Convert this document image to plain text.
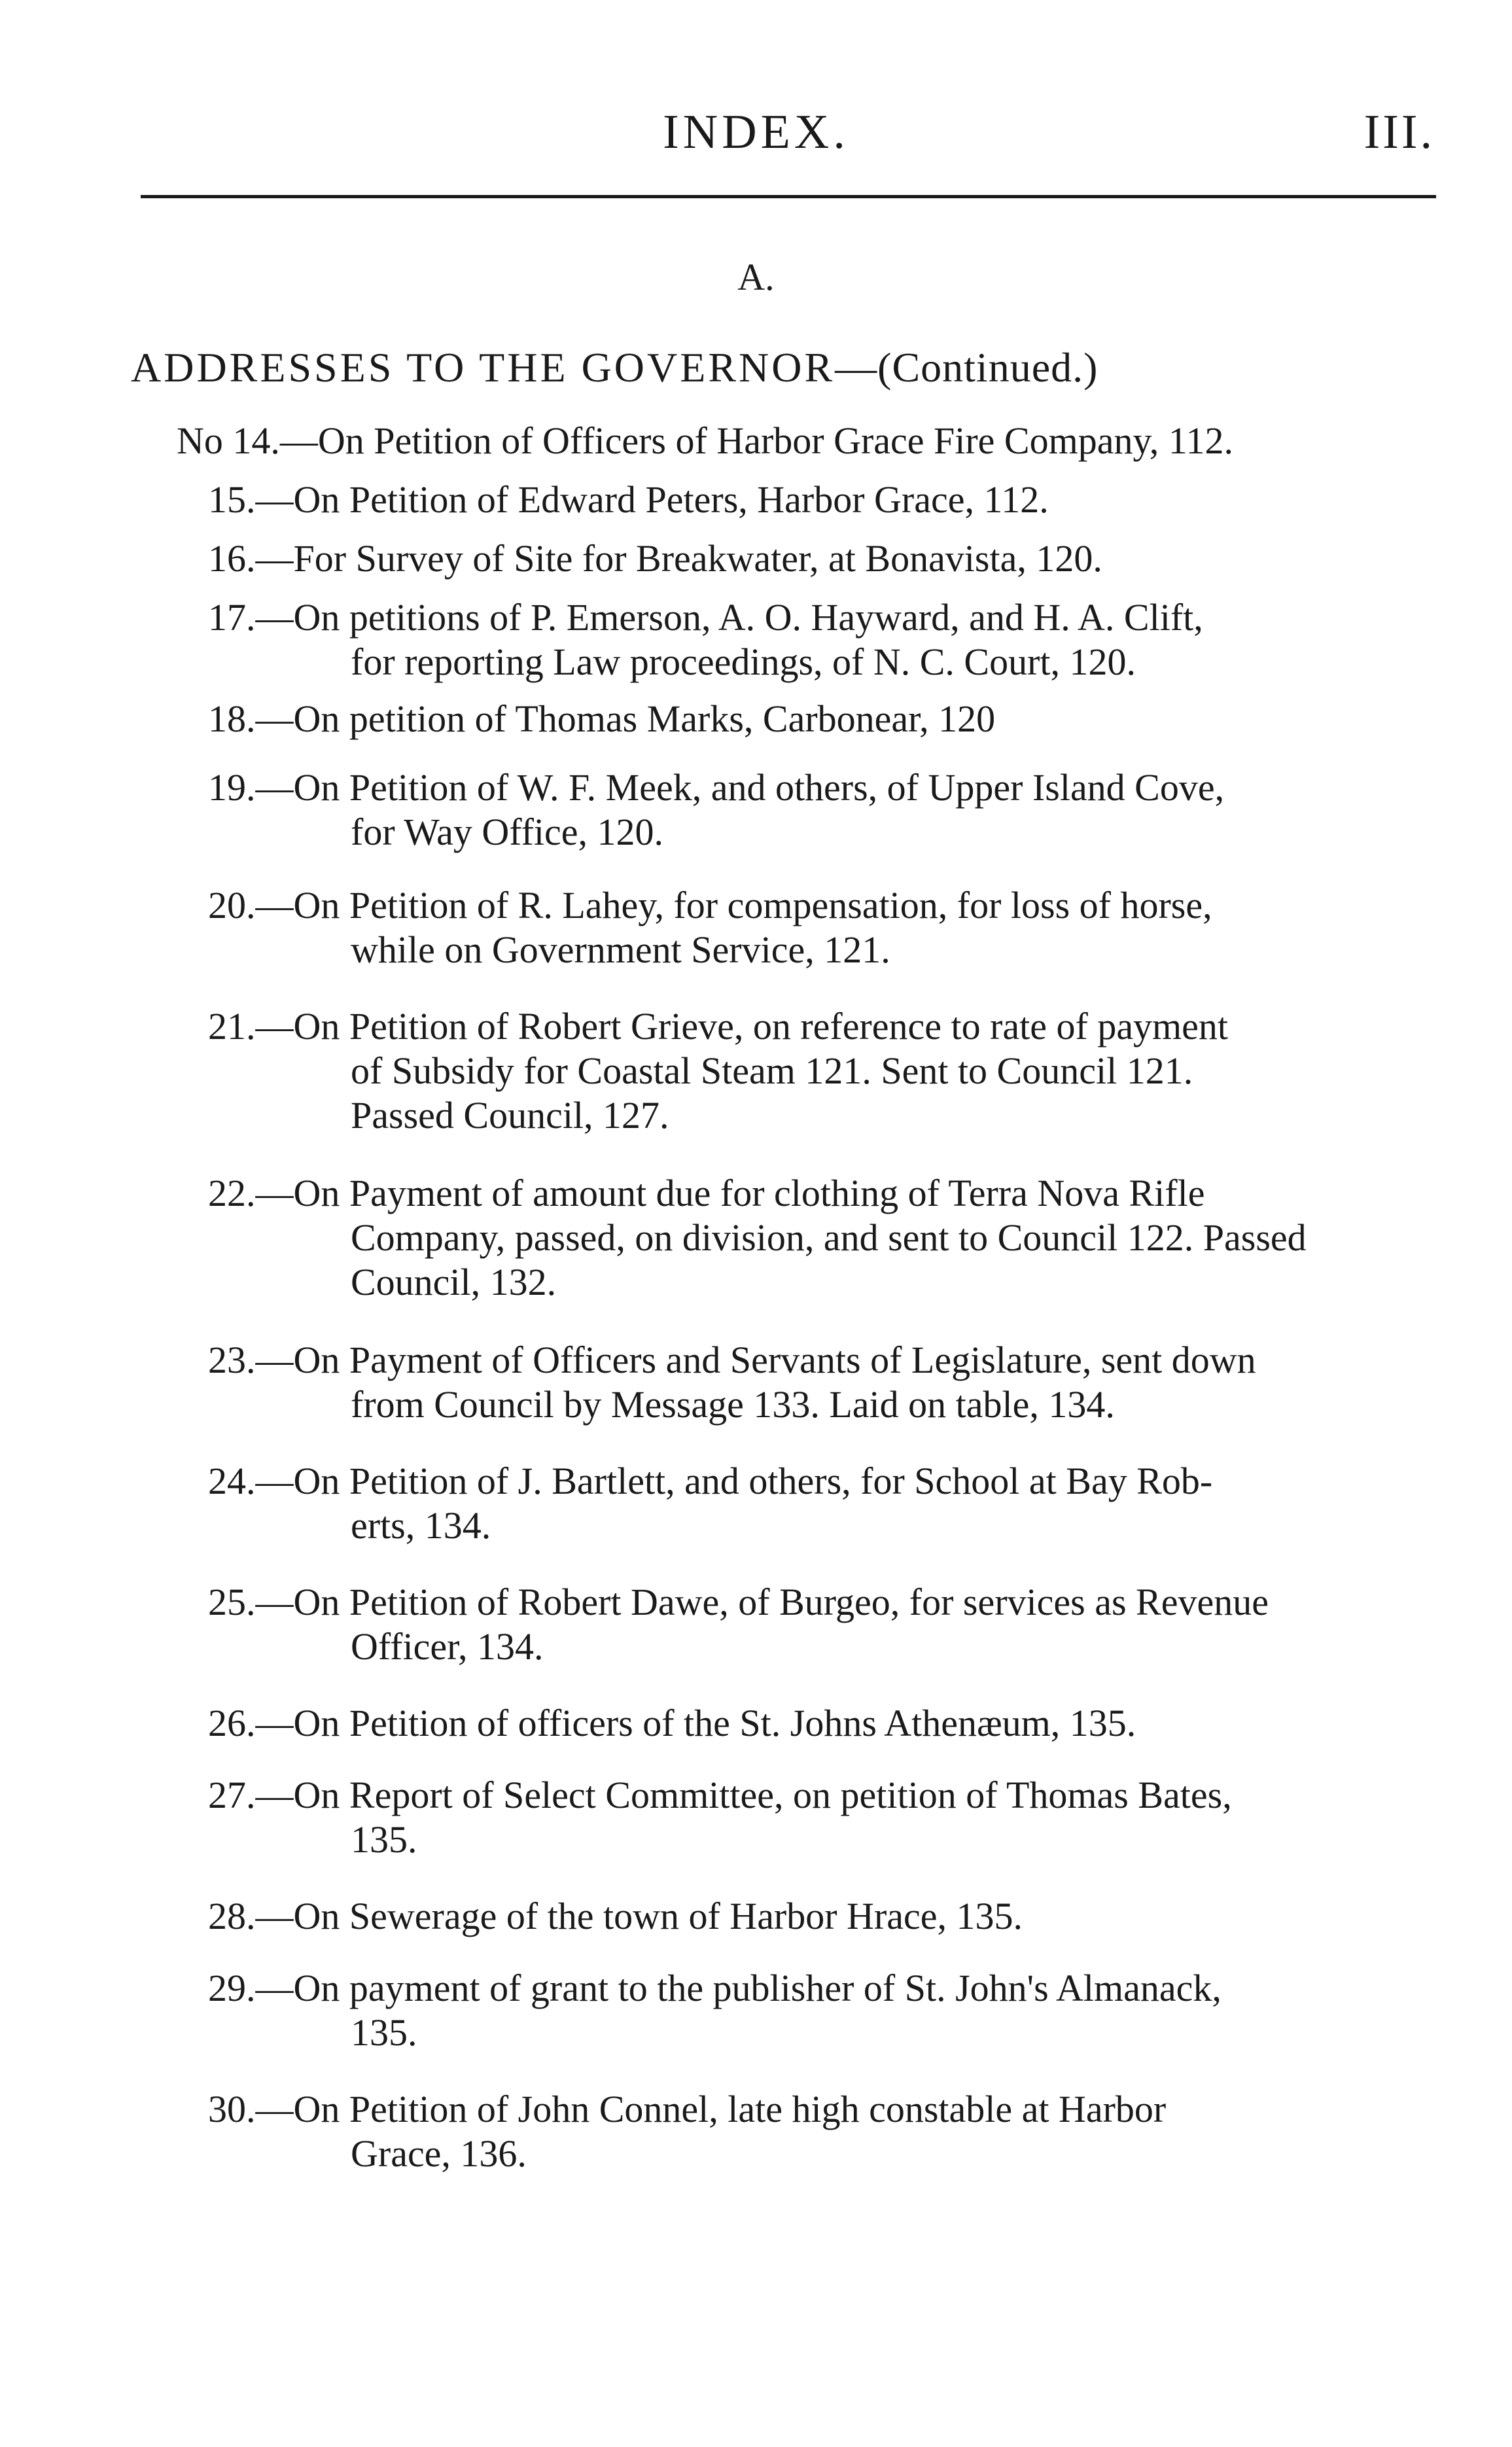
INDEX.	III.
A.
ADDRESSES TO THE GOVERNOR—(Continued.)
No 14.—On Petition of Officers of Harbor Grace Fire Company, 112.
15.—On Petition of Edward Peters, Harbor Grace, 112.
16.—For Survey of Site for Breakwater, at Bonavista, 120.
17.—On petitions of P. Emerson, A. O. Hayward, and H. A. Clift,
for reporting Law proceedings, of N. C. Court, 120.
18.—On petition of Thomas Marks, Carbonear, 120
19.—On Petition of W. F. Meek, and others, of Upper Island Cove,
for Way Office, 120.
20.—On Petition of R. Lahey, for compensation, for loss of horse,
while on Government Service, 121.
21.—On Petition of Robert Grieve, on reference to rate of payment
of Subsidy for Coastal Steam 121. Sent to Council 121.
Passed Council, 127.
22.—On Payment of amount due for clothing of Terra Nova Rifle
Company, passed, on division, and sent to Council 122. Passed
Council, 132.
23.—On Payment of Officers and Servants of Legislature, sent down
from Council by Message 133. Laid on table, 134.
24.—On Petition of J. Bartlett, and others, for School at Bay Rob-
erts, 134.
25.—On Petition of Robert Dawe, of Burgeo, for services as Revenue
Officer, 134.
26.—On Petition of officers of the St. Johns Athenæum, 135.
27.—On Report of Select Committee, on petition of Thomas Bates,
135.
28.—On Sewerage of the town of Harbor Hrace, 135.
29.—On payment of grant to the publisher of St. John's Almanack,
135.
30.—On Petition of John Connel, late high constable at Harbor
Grace, 136.
